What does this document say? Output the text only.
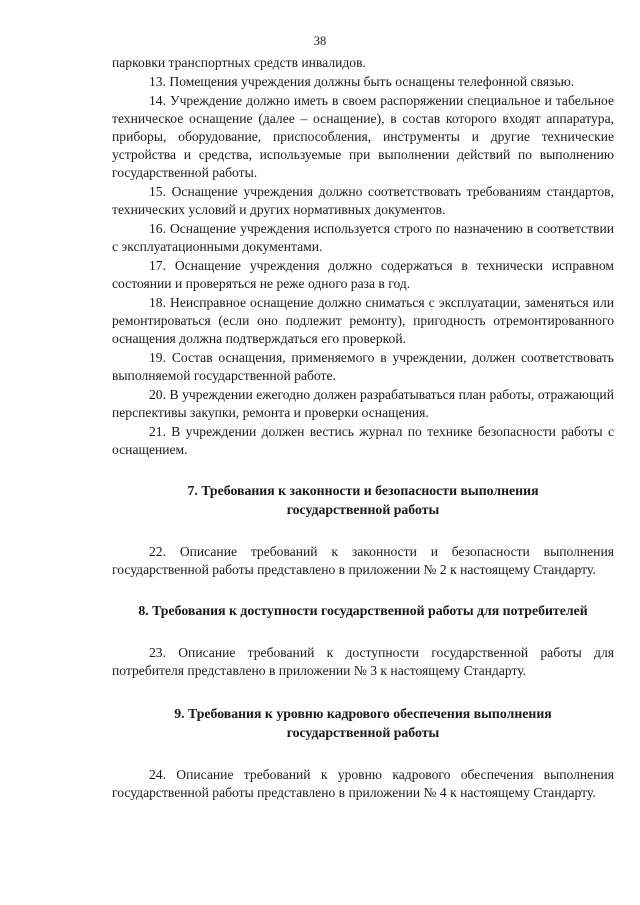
38

парковки транспортных средств инвалидов.

13. Помещения учреждения должны быть оснащены телефонной связью.

14. Учреждение должно иметь в своем распоряжении специальное и табельное техническое оснащение (далее – оснащение), в состав которого входят аппаратура, приборы, оборудование, приспособления, инструменты и другие технические устройства и средства, используемые при выполнении действий по выполнению государственной работы.

15. Оснащение учреждения должно соответствовать требованиям стандартов, технических условий и других нормативных документов.

16. Оснащение учреждения используется строго по назначению в соответствии с эксплуатационными документами.

17. Оснащение учреждения должно содержаться в технически исправном состоянии и проверяться не реже одного раза в год.

18. Неисправное оснащение должно сниматься с эксплуатации, заменяться или ремонтироваться (если оно подлежит ремонту), пригодность отремонтированного оснащения должна подтверждаться его проверкой.

19. Состав оснащения, применяемого в учреждении, должен соответствовать выполняемой государственной работе.

20. В учреждении ежегодно должен разрабатываться план работы, отражающий перспективы закупки, ремонта и проверки оснащения.

21. В учреждении должен вестись журнал по технике безопасности работы с оснащением.

7. Требования к законности и безопасности выполнения
государственной работы

22. Описание требований к законности и безопасности выполнения государственной работы представлено в приложении № 2 к настоящему Стандарту.

8. Требования к доступности государственной работы для потребителей

23. Описание требований к доступности государственной работы для потребителя представлено в приложении № 3 к настоящему Стандарту.

9. Требования к уровню кадрового обеспечения выполнения
государственной работы

24. Описание требований к уровню кадрового обеспечения выполнения государственной работы представлено в приложении № 4 к настоящему Стандарту.
